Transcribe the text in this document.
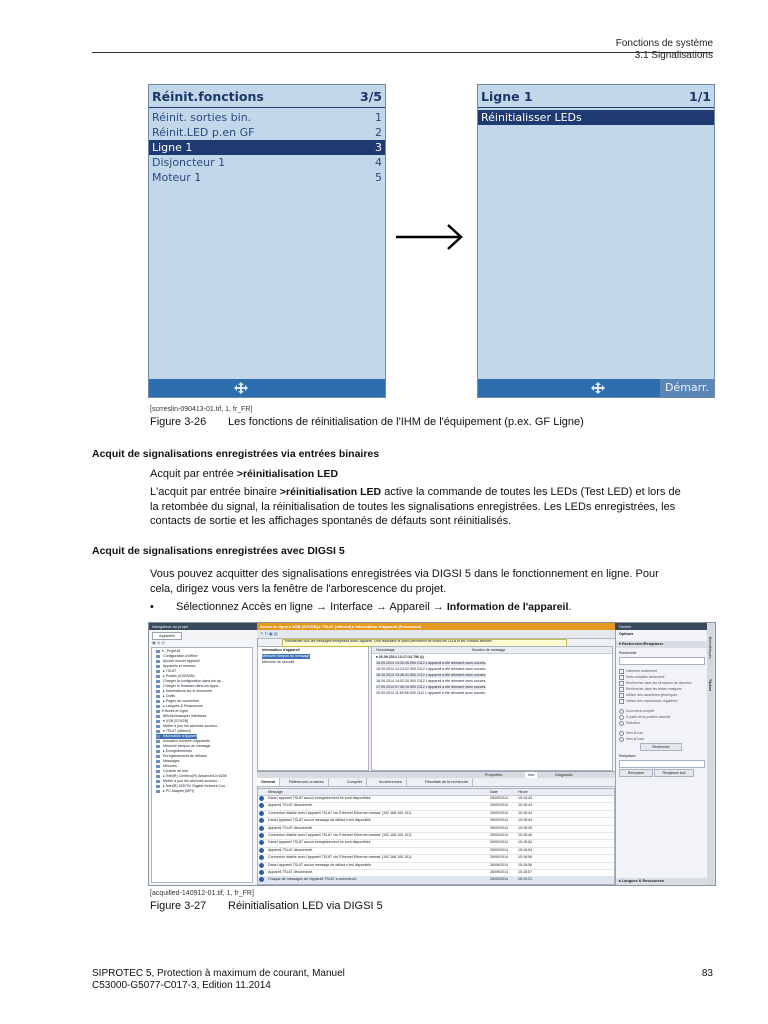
Fonctions de système
3.1 Signalisations
Réinit.fonctions	3/5
Réinit. sorties bin.	1
Réinit.LED p.en GF	2
Ligne 1	3
Disjoncteur 1	4
Moteur 1	5
Ligne 1	1/1
Réinitialisser LEDs
Démarr.
[scrreslin-090413-01.tif, 1, fr_FR]
Figure 3-26 Les fonctions de réinitialisation de l'IHM de l'équipement (p.ex. GF Ligne)
Acquit de signalisations enregistrées via entrées binaires
Acquit par entrée >réinitialisation LED
L'acquit par entrée binaire >réinitialisation LED active la commande de toutes les LEDs (Test LED) et lors de
la retombée du signal, la réinitialisation de toutes les signalisations enregistrées. Les LEDs enregistrées, les
contacts de sortie et les affichages spontanés de défauts sont réinitialisés.
Acquit de signalisations enregistrées avec DIGSI 5
Vous pouvez acquitter des signalisations enregistrées via DIGSI 5 dans le fonctionnement en ligne. Pour
cela, dirigez vous vers la fenêtre de l'arborescence du projet.
• Sélectionnez Accès en ligne → Interface → Appareil → Information de l'appareil.
Navigateur du projet
Appareils
▣ ◎ ◎
▾ _Projet18
Configuration d'offline
Ajouter nouvel appareil
Appareils et réseaux
▸ 7SL87
▸ Postes (019/SAN)
Charger la configuration dans les ap...
Charger le firmware dans les appa...
▸ Informations sur le document
▸ Outils
▸ Pages de couverture
▸ Langues & Ressources
▾ Accès en ligne
Afficher/masquer interfaces
▾ USB [S7USB]
Mettre à jour les abonnés accessi...
▾ 7SL87 (offered)
Information d'appareil
Actuation d'entrée d'appareils
Mémoire tampon de message
▸ Enregistrements
Enregistrements de défauts
Messages
Mesures
Console de test
▸ Intel(R) Centrino(R) Advanced-N 6205
Mettre à jour les abonnés accessi...
▸ Intel(R) 82579V Gigabit Network Con...
▸ PC Adapter [MPI]
Accès en ligne ▸ USB [S7USB] ▸ 7SL87 (offered) ▸ Information d'appareil (Processus)
↰ ↻ ▣ ▤
Information d'appareil
Mémoire tampon du message
Mémoire de sécurité
Réinitialiser tous les messages enregistrés dans l'appareil. Cela réinitialise le statut permanent de toutes les LEDs et les contacts binaires
Horodatage	Numéro de message
▾ 26.09.2014 13:17:24.790 (t)
18.09.2014 14:30:45.900 2112 L'appareil a été démarré avec succès.
18.09.2014 14:23:02.900 2112 L'appareil a été démarré avec succès.
18.09.2014 19:46:31.900 2112 L'appareil a été démarré avec succès.
18.09.2014 14:52:30.900 2112 L'appareil a été démarré avec succès.
17.09.2014 07:45:15.900 2112 L'appareil a été démarré avec succès.
26.09.2014 11:59:56.900 2112 L'appareil a été démarré avec succès.
Propriétés	Info	Diagnostic
Général	Références croisées	Compiler	Incohérences	Résultats de la recherche
Message	Date	Heure
Dans l'appareil 7SL87 aucun enregistrement ne sont disponibles	26/09/2014	15:18:43
Appareil 7SL87 déconnecté.	26/09/2014	15:18:43
Connexion établie avec l'appareil 7SL87 via 'Ethernet Ethernet-mestas' (192.168.100.101).	26/09/2014	15:18:44
Dans l'appareil 7SL87 aucun message de défaut n'est disponible	26/09/2014	15:18:44
Appareil 7SL87 déconnecté.	26/09/2014	15:18:45
Connexion établie avec l'appareil 7SL87 via 'Ethernet Ethernet-mestas' (192.168.100.101).	26/09/2014	15:18:46
Dans l'appareil 7SL87 aucun enregistrement ne sont disponibles	26/09/2014	15:18:54
Appareil 7SL87 déconnecté.	26/09/2014	15:18:54
Connexion établie avec l'appareil 7SL87 via 'Ethernet Ethernet-mestas' (192.168.100.101).	26/09/2014	15:18:56
Dans l'appareil 7SL87 aucun message de défaut n'est disponible	26/09/2014	15:18:56
Appareil 7SL87 déconnecté.	26/09/2014	15:18:57
Chaque de messages de l'appareil 7SL87 a commencé.	26/09/2014	15:19:21
Tâches
Options
▾ Rechercher/Remplacer
Rechercher:
Intervenir seulement
Mots complets seulement
Rechercher dans les structures de données
Rechercher dans les textes masqués
Utiliser des caractères génériques
Utiliser des expressions régulières
Document complet
À partir de la position actuelle
Sélection
Vers le bas
Vers le haut
Rechercher
Remplacer:
Remplacer	Remplacer tout
▸ Langues & Ressources
Bibliothèques
Tâches
[acquilled-140912-01.tif, 1, fr_FR]
Figure 3-27 Réinitialisation LED via DIGSI 5
SIPROTEC 5, Protection à maximum de courant, Manuel
C53000-G5077-C017-3, Edition 11.2014
83
